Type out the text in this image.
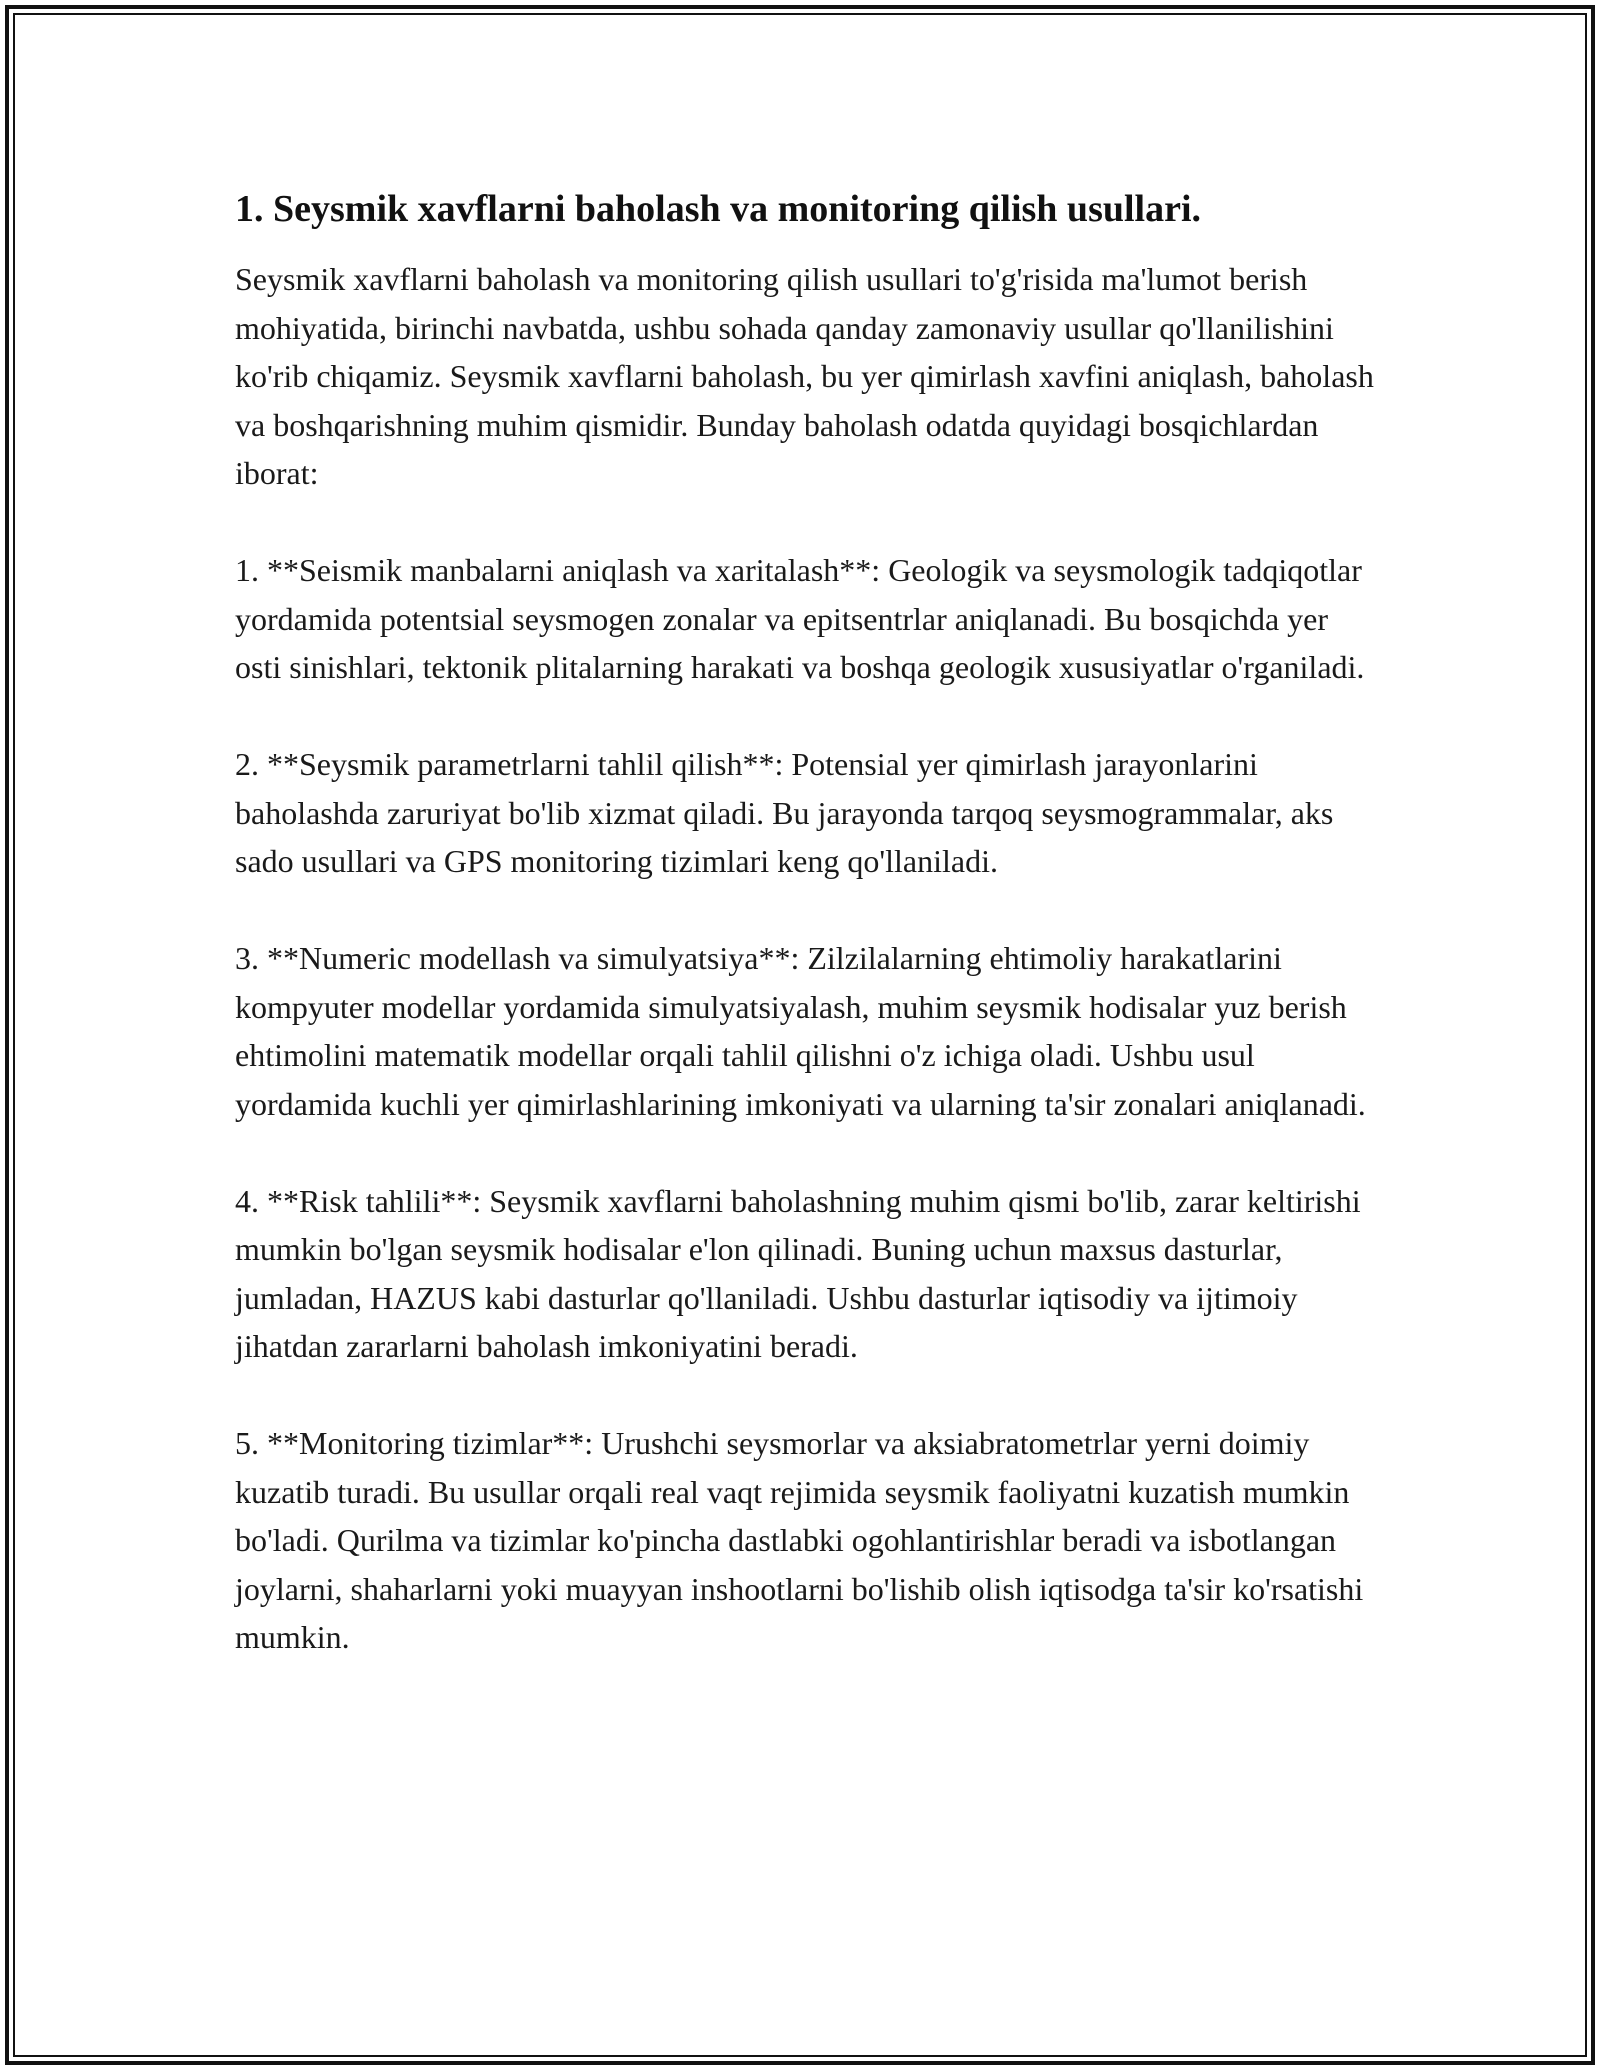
1. Seysmik xavflarni baholash va monitoring qilish usullari.

Seysmik xavflarni baholash va monitoring qilish usullari to'g'risida ma'lumot berish mohiyatida, birinchi navbatda, ushbu sohada qanday zamonaviy usullar qo'llanilishini ko'rib chiqamiz. Seysmik xavflarni baholash, bu yer qimirlash xavfini aniqlash, baholash va boshqarishning muhim qismidir. Bunday baholash odatda quyidagi bosqichlardan iborat:

1. **Seismik manbalarni aniqlash va xaritalash**: Geologik va seysmologik tadqiqotlar yordamida potentsial seysmogen zonalar va epitsentrlar aniqlanadi. Bu bosqichda yer osti sinishlari, tektonik plitalarning harakati va boshqa geologik xususiyatlar o'rganiladi.

2. **Seysmik parametrlarni tahlil qilish**: Potensial yer qimirlash jarayonlarini baholashda zaruriyat bo'lib xizmat qiladi. Bu jarayonda tarqoq seysmogrammalar, aks sado usullari va GPS monitoring tizimlari keng qo'llaniladi.

3. **Numeric modellash va simulyatsiya**: Zilzilalarning ehtimoliy harakatlarini kompyuter modellar yordamida simulyatsiyalash, muhim seysmik hodisalar yuz berish ehtimolini matematik modellar orqali tahlil qilishni o'z ichiga oladi. Ushbu usul yordamida kuchli yer qimirlashlarining imkoniyati va ularning ta'sir zonalari aniqlanadi.

4. **Risk tahlili**: Seysmik xavflarni baholashning muhim qismi bo'lib, zarar keltirishi mumkin bo'lgan seysmik hodisalar e'lon qilinadi. Buning uchun maxsus dasturlar, jumladan, HAZUS kabi dasturlar qo'llaniladi. Ushbu dasturlar iqtisodiy va ijtimoiy jihatdan zararlarni baholash imkoniyatini beradi.

5. **Monitoring tizimlar**: Urushchi seysmorlar va aksiabratometrlar yerni doimiy kuzatib turadi. Bu usullar orqali real vaqt rejimida seysmik faoliyatni kuzatish mumkin bo'ladi. Qurilma va tizimlar ko'pincha dastlabki ogohlantirishlar beradi va isbotlangan joylarni, shaharlarni yoki muayyan inshootlarni bo'lishib olish iqtisodga ta'sir ko'rsatishi mumkin.
